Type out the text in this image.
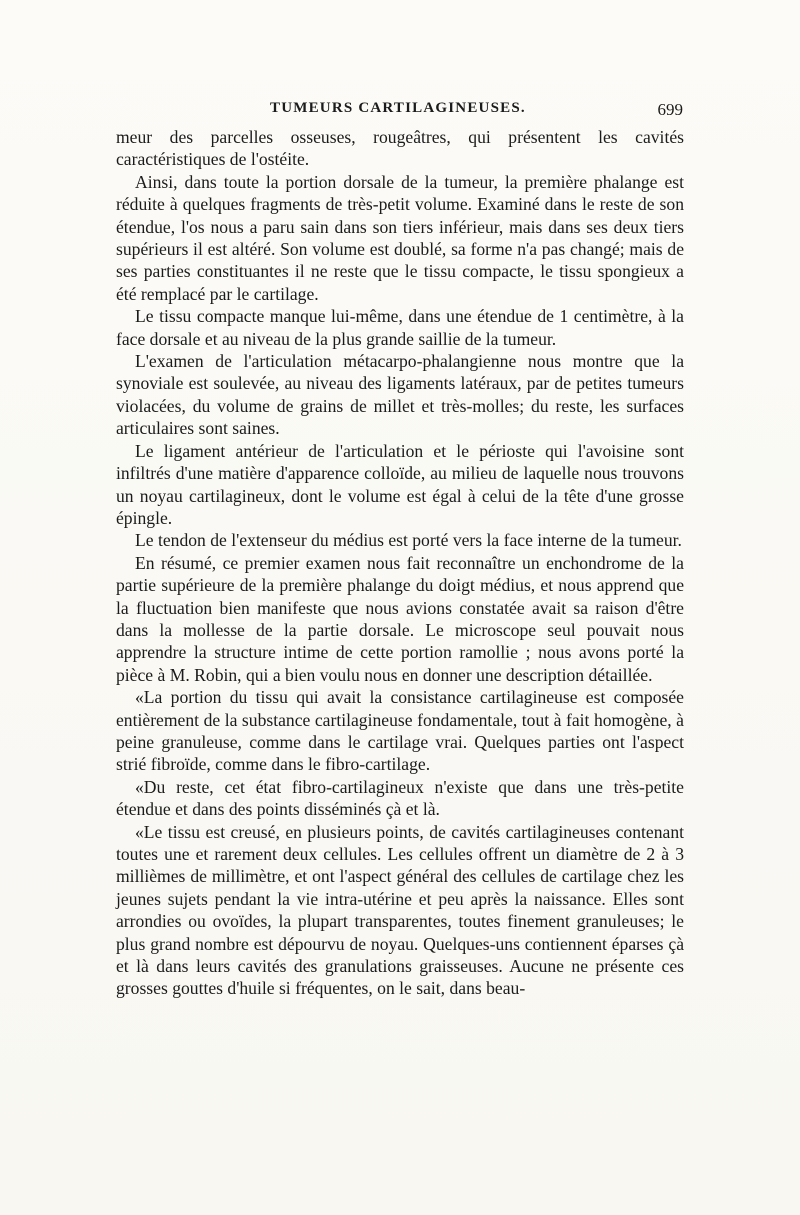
TUMEURS CARTILAGINEUSES.	699

meur des parcelles osseuses, rougeâtres, qui présentent les cavités caractéristiques de l'ostéite.

Ainsi, dans toute la portion dorsale de la tumeur, la première phalange est réduite à quelques fragments de très-petit volume. Examiné dans le reste de son étendue, l'os nous a paru sain dans son tiers inférieur, mais dans ses deux tiers supérieurs il est altéré. Son volume est doublé, sa forme n'a pas changé; mais de ses parties constituantes il ne reste que le tissu compacte, le tissu spongieux a été remplacé par le cartilage.

Le tissu compacte manque lui-même, dans une étendue de 1 centimètre, à la face dorsale et au niveau de la plus grande saillie de la tumeur.

L'examen de l'articulation métacarpo-phalangienne nous montre que la synoviale est soulevée, au niveau des ligaments latéraux, par de petites tumeurs violacées, du volume de grains de millet et très-molles; du reste, les surfaces articulaires sont saines.

Le ligament antérieur de l'articulation et le périoste qui l'avoisine sont infiltrés d'une matière d'apparence colloïde, au milieu de laquelle nous trouvons un noyau cartilagineux, dont le volume est égal à celui de la tête d'une grosse épingle.

Le tendon de l'extenseur du médius est porté vers la face interne de la tumeur.

En résumé, ce premier examen nous fait reconnaître un enchondrome de la partie supérieure de la première phalange du doigt médius, et nous apprend que la fluctuation bien manifeste que nous avions constatée avait sa raison d'être dans la mollesse de la partie dorsale. Le microscope seul pouvait nous apprendre la structure intime de cette portion ramollie ; nous avons porté la pièce à M. Robin, qui a bien voulu nous en donner une description détaillée.

«La portion du tissu qui avait la consistance cartilagineuse est composée entièrement de la substance cartilagineuse fondamentale, tout à fait homogène, à peine granuleuse, comme dans le cartilage vrai. Quelques parties ont l'aspect strié fibroïde, comme dans le fibro-cartilage.

«Du reste, cet état fibro-cartilagineux n'existe que dans une très-petite étendue et dans des points disséminés çà et là.

«Le tissu est creusé, en plusieurs points, de cavités cartilagineuses contenant toutes une et rarement deux cellules. Les cellules offrent un diamètre de 2 à 3 millièmes de millimètre, et ont l'aspect général des cellules de cartilage chez les jeunes sujets pendant la vie intra-utérine et peu après la naissance. Elles sont arrondies ou ovoïdes, la plupart transparentes, toutes finement granuleuses; le plus grand nombre est dépourvu de noyau. Quelques-uns contiennent éparses çà et là dans leurs cavités des granulations graisseuses. Aucune ne présente ces grosses gouttes d'huile si fréquentes, on le sait, dans beau-
